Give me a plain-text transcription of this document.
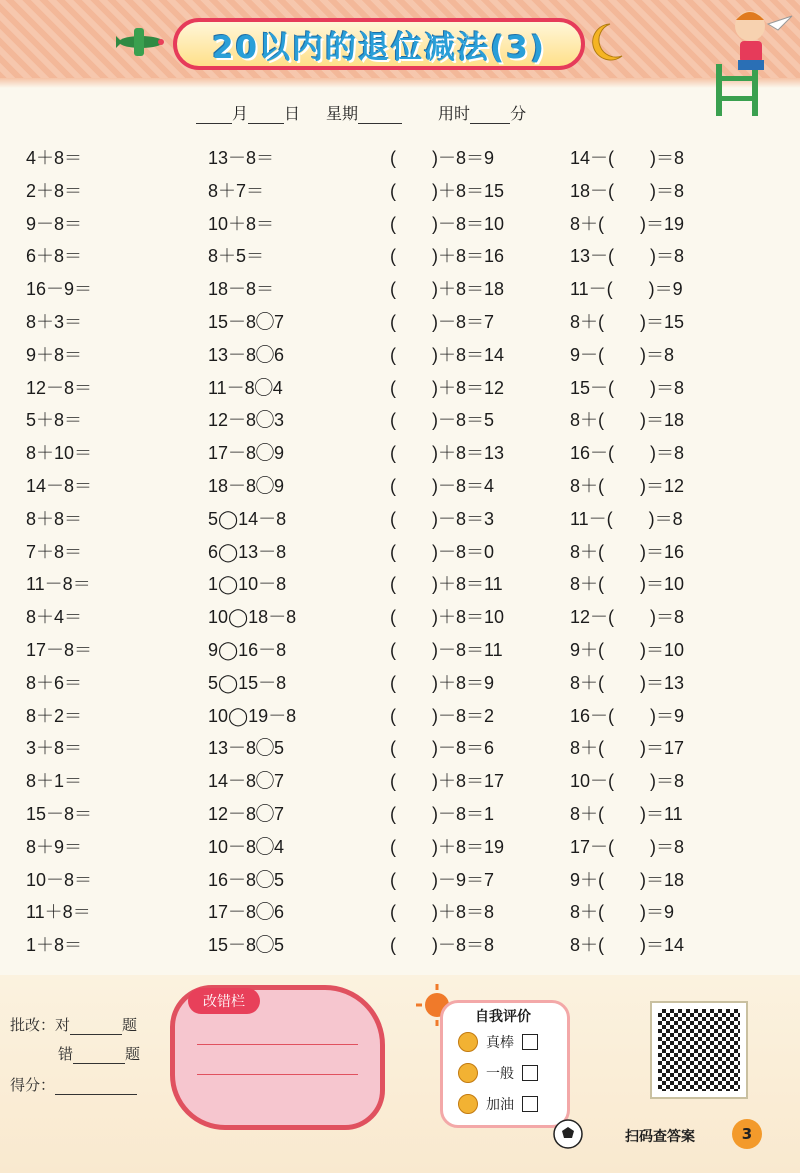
20以内的退位减法(3)
月 日 星期	用时	分
4＋8＝	13－8＝	(　　)－8＝9	14－(　　)＝8
2＋8＝	8＋7＝	(　　)＋8＝15	18－(　　)＝8
9－8＝	10＋8＝	(　　)－8＝10	8＋(　　)＝19
6＋8＝	8＋5＝	(　　)＋8＝16	13－(　　)＝8
16－9＝	18－8＝	(　　)＋8＝18	11－(　　)＝9
8＋3＝	15－8◯7	(　　)－8＝7	8＋(　　)＝15
9＋8＝	13－8◯6	(　　)＋8＝14	9－(　　)＝8
12－8＝	11－8◯4	(　　)＋8＝12	15－(　　)＝8
5＋8＝	12－8◯3	(　　)－8＝5	8＋(　　)＝18
8＋10＝	17－8◯9	(　　)＋8＝13	16－(　　)＝8
14－8＝	18－8◯9	(　　)－8＝4	8＋(　　)＝12
8＋8＝	5◯14－8	(　　)－8＝3	11－(　　)＝8
7＋8＝	6◯13－8	(　　)－8＝0	8＋(　　)＝16
11－8＝	1◯10－8	(　　)＋8＝11	8＋(　　)＝10
8＋4＝	10◯18－8	(　　)＋8＝10	12－(　　)＝8
17－8＝	9◯16－8	(　　)－8＝11	9＋(　　)＝10
8＋6＝	5◯15－8	(　　)＋8＝9	8＋(　　)＝13
8＋2＝	10◯19－8	(　　)－8＝2	16－(　　)＝9
3＋8＝	13－8◯5	(　　)－8＝6	8＋(　　)＝17
8＋1＝	14－8◯7	(　　)＋8＝17	10－(　　)＝8
15－8＝	12－8◯7	(　　)－8＝1	8＋(　　)＝11
8＋9＝	10－8◯4	(　　)＋8＝19	17－(　　)＝8
10－8＝	16－8◯5	(　　)－9＝7	9＋(　　)＝18
11＋8＝	17－8◯6	(　　)＋8＝8	8＋(　　)＝9
1＋8＝	15－8◯5	(　　)－8＝8	8＋(　　)＝14
批改：对	题
错	题
得分：
改错栏
自我评价
真棒
一般
加油
扫码查答案	3
